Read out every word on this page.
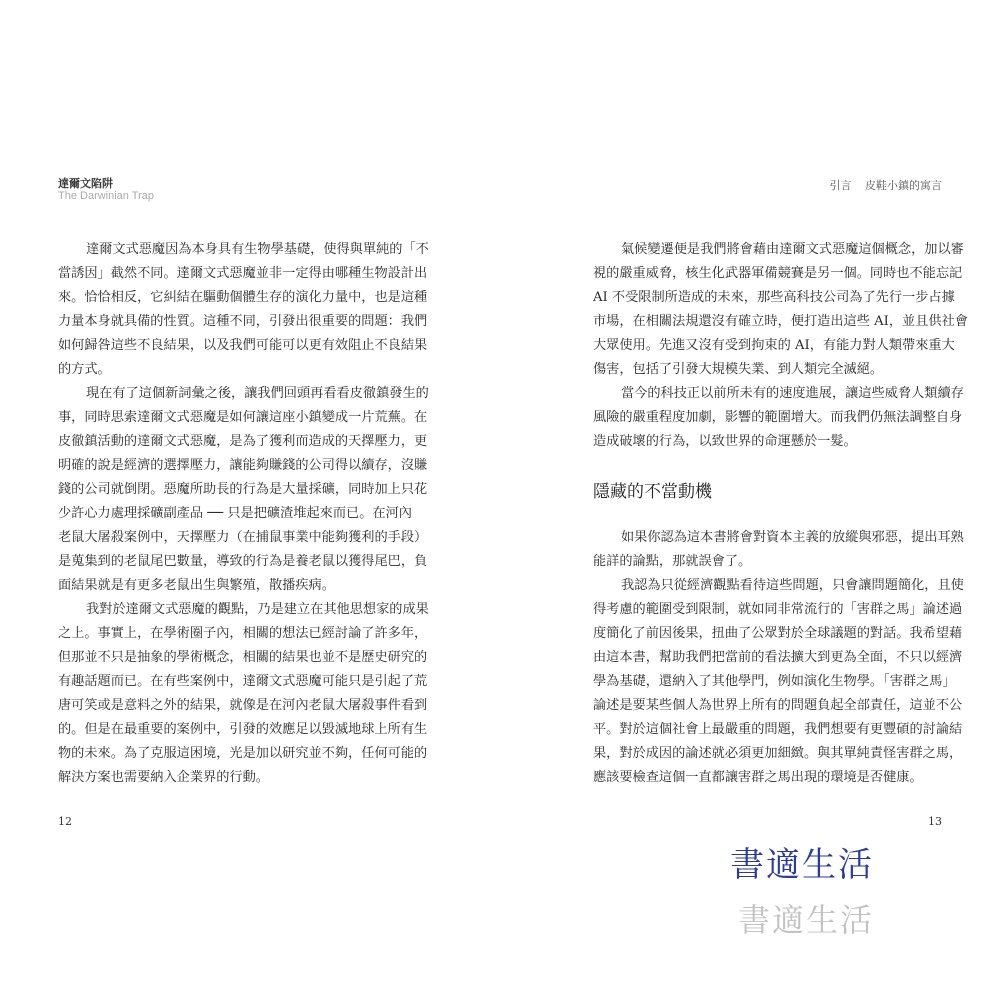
達爾文陷阱
The Darwinian Trap
引言 皮鞋小鎮的寓言
達爾文式惡魔因為本身具有生物學基礎，使得與單純的「不
當誘因」截然不同。達爾文式惡魔並非一定得由哪種生物設計出
來。恰恰相反，它糾結在驅動個體生存的演化力量中，也是這種
力量本身就具備的性質。這種不同，引發出很重要的問題：我們
如何歸咎這些不良結果，以及我們可能可以更有效阻止不良結果
的方式。
現在有了這個新詞彙之後，讓我們回頭再看看皮徹鎮發生的
事，同時思索達爾文式惡魔是如何讓這座小鎮變成一片荒蕪。在
皮徹鎮活動的達爾文式惡魔，是為了獲利而造成的天擇壓力，更
明確的說是經濟的選擇壓力，讓能夠賺錢的公司得以續存，沒賺
錢的公司就倒閉。惡魔所助長的行為是大量採礦，同時加上只花
少許心力處理採礦副產品 ── 只是把礦渣堆起來而已。在河內
老鼠大屠殺案例中，天擇壓力（在捕鼠事業中能夠獲利的手段）
是蒐集到的老鼠尾巴數量，導致的行為是養老鼠以獲得尾巴，負
面結果就是有更多老鼠出生與繁殖，散播疾病。
我對於達爾文式惡魔的觀點，乃是建立在其他思想家的成果
之上。事實上，在學術圈子內，相關的想法已經討論了許多年，
但那並不只是抽象的學術概念，相關的結果也並不是歷史研究的
有趣話題而已。在有些案例中，達爾文式惡魔可能只是引起了荒
唐可笑或是意料之外的結果，就像是在河內老鼠大屠殺事件看到
的。但是在最重要的案例中，引發的效應足以毀滅地球上所有生
物的未來。為了克服這困境，光是加以研究並不夠，任何可能的
解決方案也需要納入企業界的行動。
氣候變遷便是我們將會藉由達爾文式惡魔這個概念，加以審
視的嚴重威脅，核生化武器軍備競賽是另一個。同時也不能忘記
AI 不受限制所造成的未來，那些高科技公司為了先行一步占據
市場，在相關法規還沒有確立時，便打造出這些 AI，並且供社會
大眾使用。先進又沒有受到拘束的 AI，有能力對人類帶來重大
傷害，包括了引發大規模失業、到人類完全滅絕。
當今的科技正以前所未有的速度進展，讓這些威脅人類續存
風險的嚴重程度加劇，影響的範圍增大。而我們仍無法調整自身
造成破壞的行為，以致世界的命運懸於一髮。
隱藏的不當動機
如果你認為這本書將會對資本主義的放縱與邪惡，提出耳熟
能詳的論點，那就誤會了。
我認為只從經濟觀點看待這些問題，只會讓問題簡化，且使
得考慮的範圍受到限制，就如同非常流行的「害群之馬」論述過
度簡化了前因後果，扭曲了公眾對於全球議題的對話。我希望藉
由這本書，幫助我們把當前的看法擴大到更為全面，不只以經濟
學為基礎，還納入了其他學門，例如演化生物學。「害群之馬」
論述是要某些個人為世界上所有的問題負起全部責任，這並不公
平。對於這個社會上最嚴重的問題，我們想要有更豐碩的討論結
果，對於成因的論述就必須更加細緻。與其單純責怪害群之馬，
應該要檢查這個一直都讓害群之馬出現的環境是否健康。
12	13
書適生活
書適生活
